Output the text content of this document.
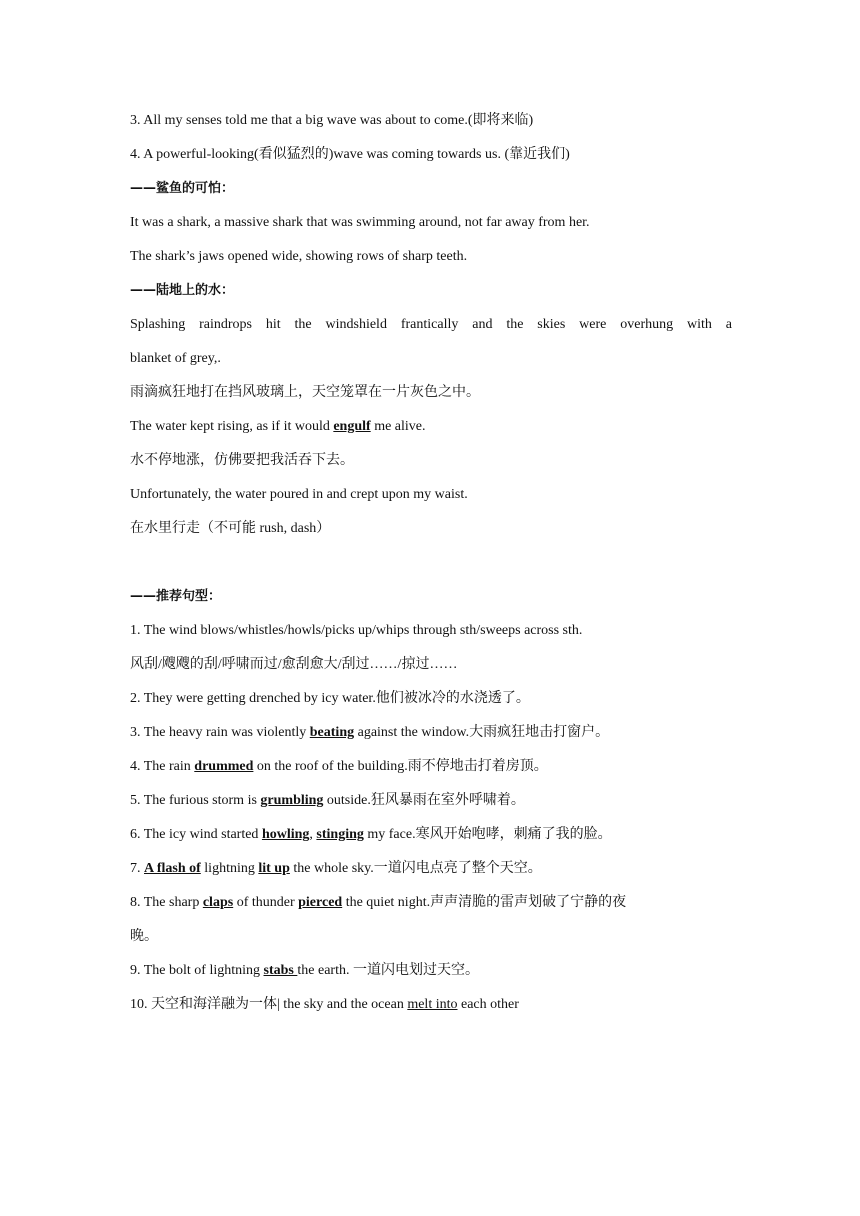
3. All my senses told me that a big wave was about to come.(即将来临)
4. A powerful-looking(看似猛烈的)wave was coming towards us. (靠近我们)
——鲨鱼的可怕：
It was a shark, a massive shark that was swimming around, not far away from her.
The shark’s jaws opened wide, showing rows of sharp teeth.
——陆地上的水：
Splashing raindrops hit the windshield frantically and the skies were overhung with a
blanket of grey,.
雨滴疯狂地打在挡风玻璃上，天空笼罩在一片灰色之中。
The water kept rising, as if it would engulf me alive.
水不停地涨，仿佛要把我活吞下去。
Unfortunately, the water poured in and crept upon my waist.
在水里行走（不可能 rush, dash）
——推荐句型：
1. The wind blows/whistles/howls/picks up/whips through sth/sweeps across sth.
风刮/飕飕的刮/呼啸而过/愈刮愈大/刮过……/掠过……
2. They were getting drenched by icy water.他们被冰冷的水浇透了。
3. The heavy rain was violently beating against the window.大雨疯狂地击打窗户。
4. The rain drummed on the roof of the building.雨不停地击打着房顶。
5. The furious storm is grumbling outside.狂风暴雨在室外呼啸着。
6. The icy wind started howling, stinging my face.寒风开始咆哮，刺痛了我的脸。
7. A flash of lightning lit up the whole sky.一道闪电点亮了整个天空。
8. The sharp claps of thunder pierced the quiet night.声声清脆的雷声划破了宁静的夜
晚。
9. The bolt of lightning stabs the earth. 一道闪电划过天空。
10. 天空和海洋融为一体| the sky and the ocean melt into each other
